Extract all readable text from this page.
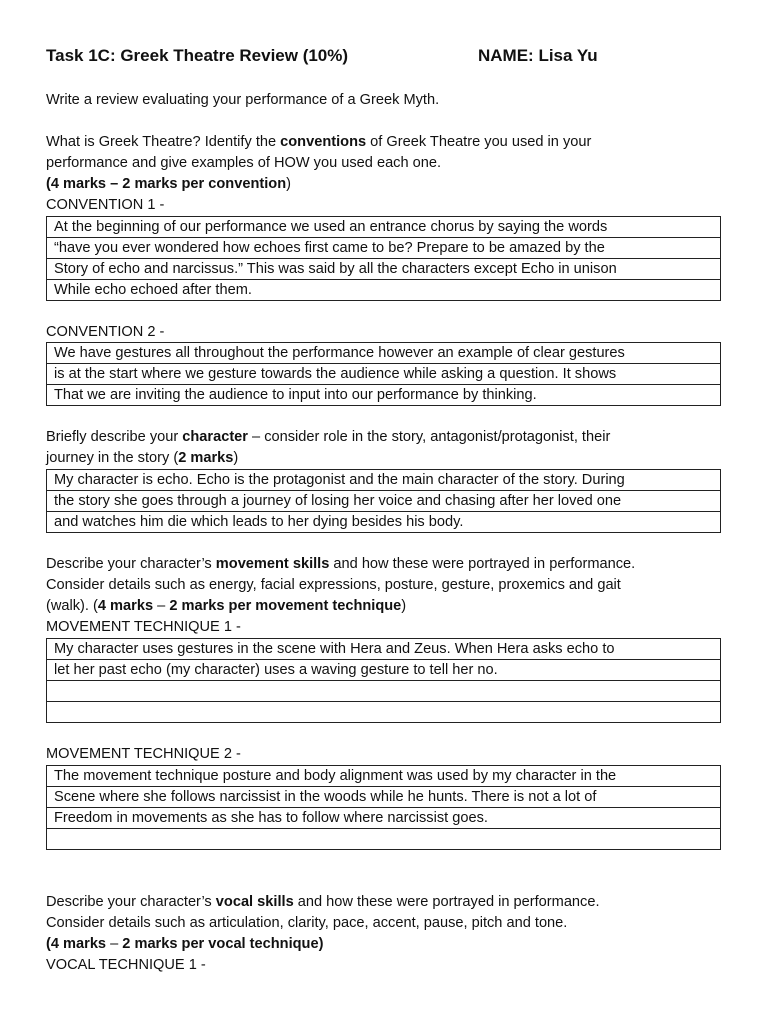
Task 1C: Greek Theatre Review (10%)	NAME: Lisa Yu

Write a review evaluating your performance of a Greek Myth.

What is Greek Theatre? Identify the conventions of Greek Theatre you used in your

performance and give examples of HOW you used each one.

(4 marks – 2 marks per convention)

CONVENTION 1 -

At the beginning of our performance we used an entrance chorus by saying the words
“have you ever wondered how echoes first came to be? Prepare to be amazed by the
Story of echo and narcissus.” This was said by all the characters except Echo in unison
While echo echoed after them.

CONVENTION 2 -

We have gestures all throughout the performance however an example of clear gestures
is at the start where we gesture towards the audience while asking a question. It shows
That we are inviting the audience to input into our performance by thinking.

Briefly describe your character – consider role in the story, antagonist/protagonist, their

journey in the story (2 marks)

My character is echo. Echo is the protagonist and the main character of the story. During
the story she goes through a journey of losing her voice and chasing after her loved one
and watches him die which leads to her dying besides his body.

Describe your character’s movement skills and how these were portrayed in performance.

Consider details such as energy, facial expressions, posture, gesture, proxemics and gait

(walk). (4 marks – 2 marks per movement technique)

MOVEMENT TECHNIQUE 1 -

My character uses gestures in the scene with Hera and Zeus. When Hera asks echo to
let her past echo (my character) uses a waving gesture to tell her no.

MOVEMENT TECHNIQUE 2 -

The movement technique posture and body alignment was used by my character in the
Scene where she follows narcissist in the woods while he hunts. There is not a lot of
Freedom in movements as she has to follow where narcissist goes.

Describe your character’s vocal skills and how these were portrayed in performance.

Consider details such as articulation, clarity, pace, accent, pause, pitch and tone.

(4 marks – 2 marks per vocal technique)

VOCAL TECHNIQUE 1 -
